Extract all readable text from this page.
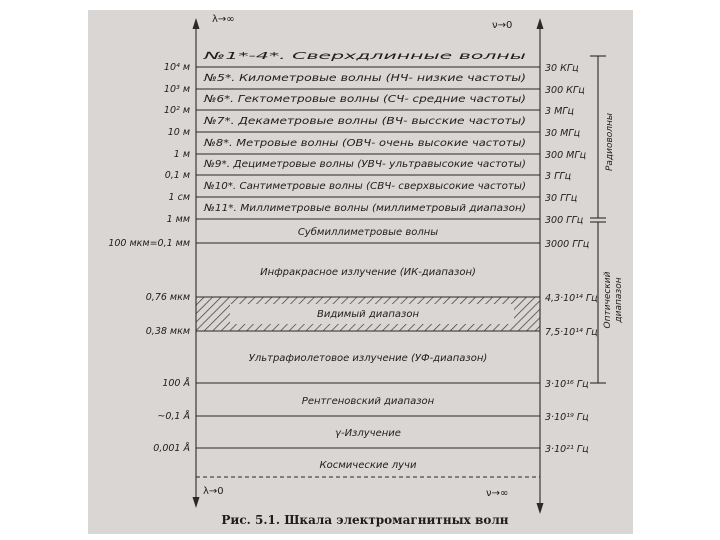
λ→∞
ν→0
λ→0	ν→∞
Радиоволны
Оптический диапазон
Рис. 5.1. Шкала электромагнитных волн
№1*-4*. Сверхдлинные волны
10⁴ м	30 КГц
№5*. Километровые волны (НЧ- низкие частоты)
10³ м	300 КГц
№6*. Гектометровые волны (СЧ- средние частоты)
10² м	3 МГц
№7*. Декаметровые волны (ВЧ- высские частоты)
10 м	30 МГц
№8*. Метровые волны (ОВЧ- очень высокие частоты)
1 м	300 МГц
№9*. Дециметровые волны (УВЧ- ультравысокие частоты)
0,1 м	3 ГГц
№10*. Сантиметровые волны (СВЧ- сверхвысокие частоты)
1 см	30 ГГц
№11*. Миллиметровые волны (миллиметровый диапазон)
1 мм	300 ГГц
Субмиллиметровые волны
100 мкм=0,1 мм	3000 ГГц
Инфракрасное излучение (ИК-диапазон)
0,76 мкм	4,3·10¹⁴ Гц
Видимый диапазон
0,38 мкм	7,5·10¹⁴ Гц
Ультрафиолетовое излучение (УФ-диапазон)
100 Å	3·10¹⁶ Гц
Рентгеновский диапазон
~0,1 Å	3·10¹⁹ Гц
γ-Излучение
0,001 Å	3·10²¹ Гц
Космические лучи
